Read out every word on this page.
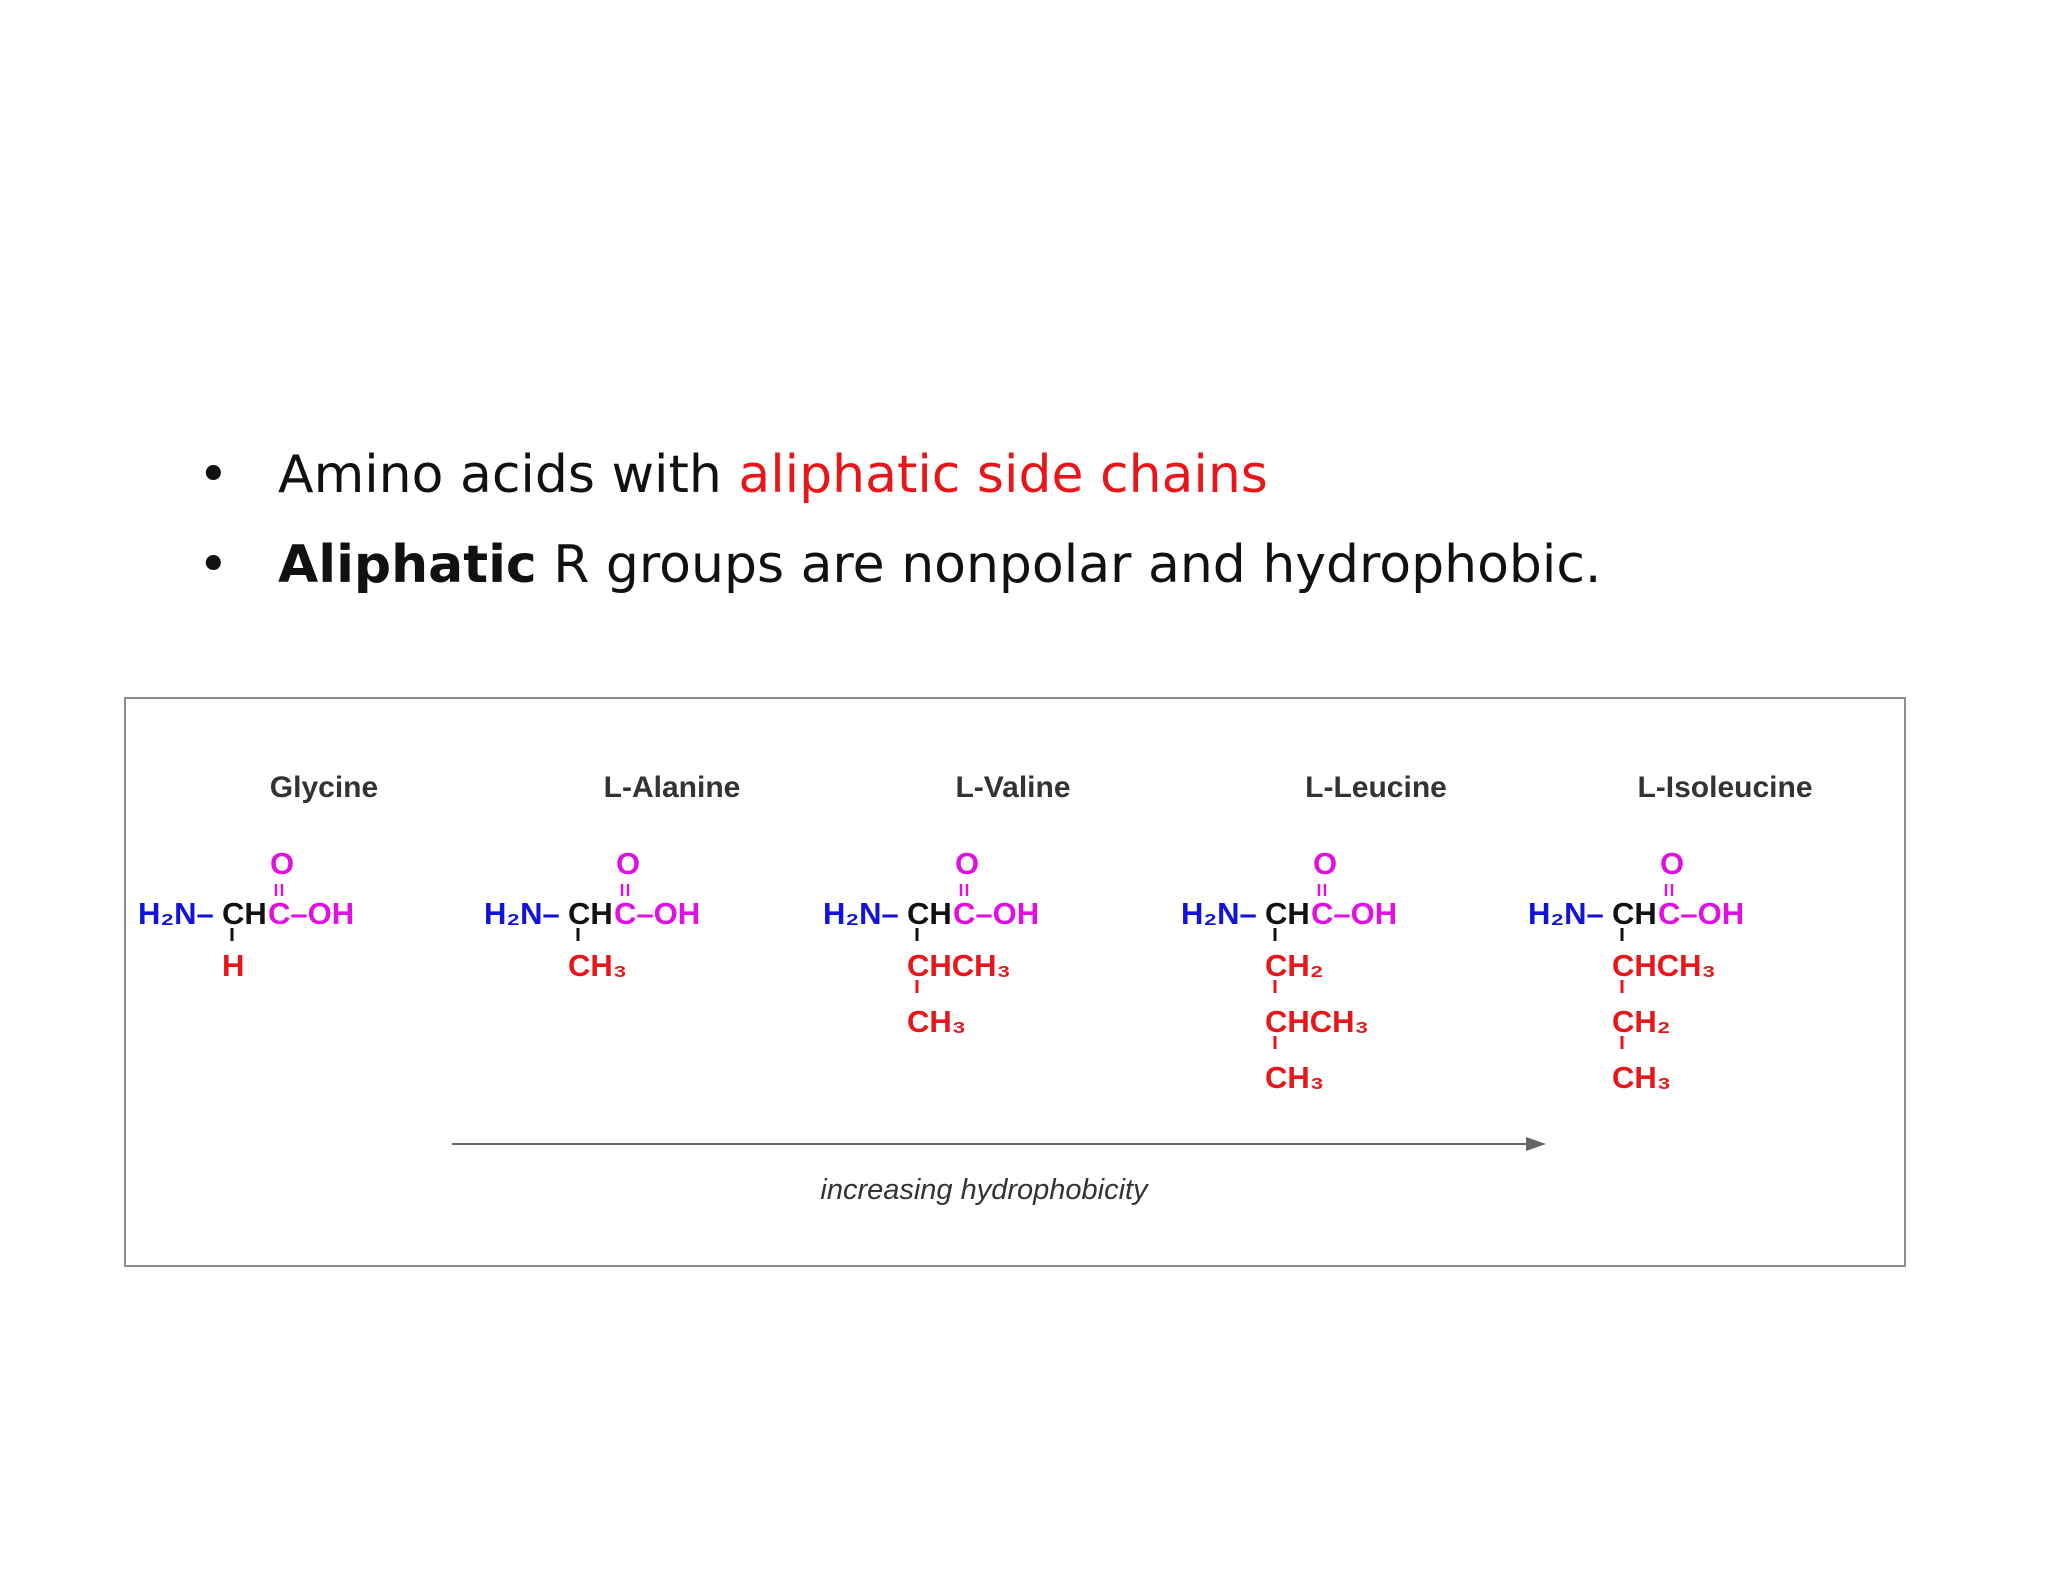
• Amino acids with aliphatic side chains
• Aliphatic R groups are nonpolar and hydrophobic.
Glycine
H₂N– CH C–OH
O
H
L-Alanine
H₂N– CH C–OH
O
CH₃
L-Valine
H₂N– CH C–OH
O
CHCH₃
CH₃
L-Leucine
H₂N– CH C–OH
O
CH₂
CHCH₃
CH₃
L-Isoleucine
H₂N– CH C–OH
O
CHCH₃
CH₂
CH₃
increasing hydrophobicity
